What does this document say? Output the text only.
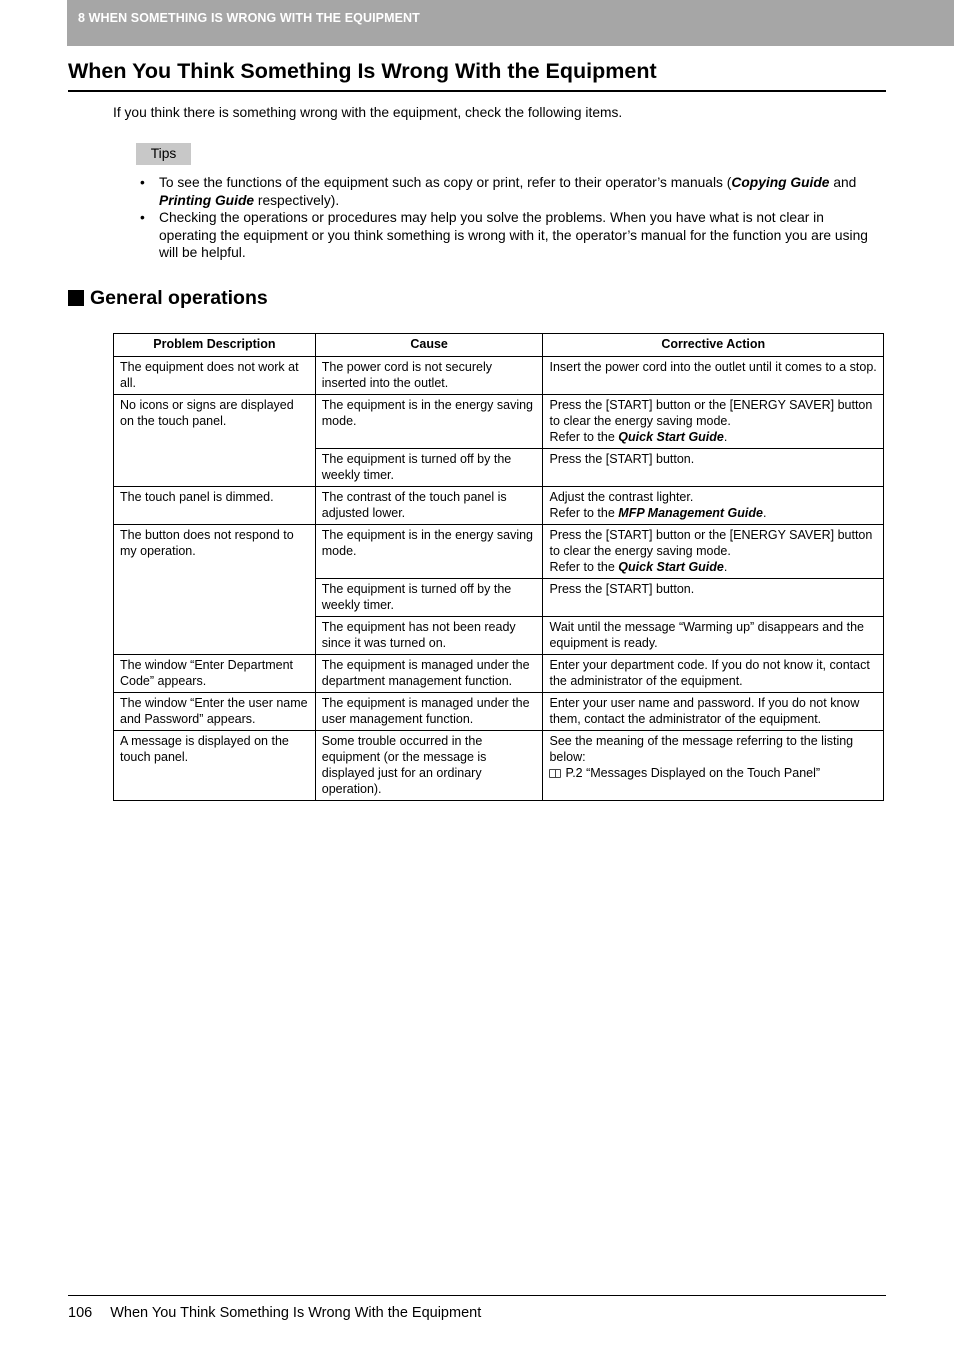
8 WHEN SOMETHING IS WRONG WITH THE EQUIPMENT
When You Think Something Is Wrong With the Equipment

If you think there is something wrong with the equipment, check the following items.

Tips
• To see the functions of the equipment such as copy or print, refer to their operator’s manuals (Copying Guide and
Printing Guide respectively).
• Checking the operations or procedures may help you solve the problems. When you have what is not clear in operating the equipment or you think something is wrong with it, the operator’s manual for the function you are using will be helpful.
General operations
Problem Description	Cause	Corrective Action
The equipment does not work at all.	The power cord is not securely inserted into the outlet.	Insert the power cord into the outlet until it comes to a stop.
No icons or signs are displayed on the touch panel.	The equipment is in the energy saving mode.	Press the [START] button or the [ENERGY SAVER] button to clear the energy saving mode.
Refer to the Quick Start Guide.
	The equipment is turned off by the weekly timer.	Press the [START] button.
The touch panel is dimmed.	The contrast of the touch panel is adjusted lower.	Adjust the contrast lighter.
Refer to the MFP Management Guide.
The button does not respond to my operation.	The equipment is in the energy saving mode.	Press the [START] button or the [ENERGY SAVER] button to clear the energy saving mode.
Refer to the Quick Start Guide.
	The equipment is turned off by the weekly timer.	Press the [START] button.
	The equipment has not been ready since it was turned on.	Wait until the message “Warming up” disappears and the equipment is ready.
The window “Enter Department Code” appears.	The equipment is managed under the department management function.	Enter your department code. If you do not know it, contact the administrator of the equipment.
The window “Enter the user name and Password” appears.	The equipment is managed under the user management function.	Enter your user name and password. If you do not know them, contact the administrator of the equipment.
A message is displayed on the touch panel.	Some trouble occurred in the equipment (or the message is displayed just for an ordinary operation).	See the meaning of the message referring to the listing below:
P.2 “Messages Displayed on the Touch Panel”
106 When You Think Something Is Wrong With the Equipment
